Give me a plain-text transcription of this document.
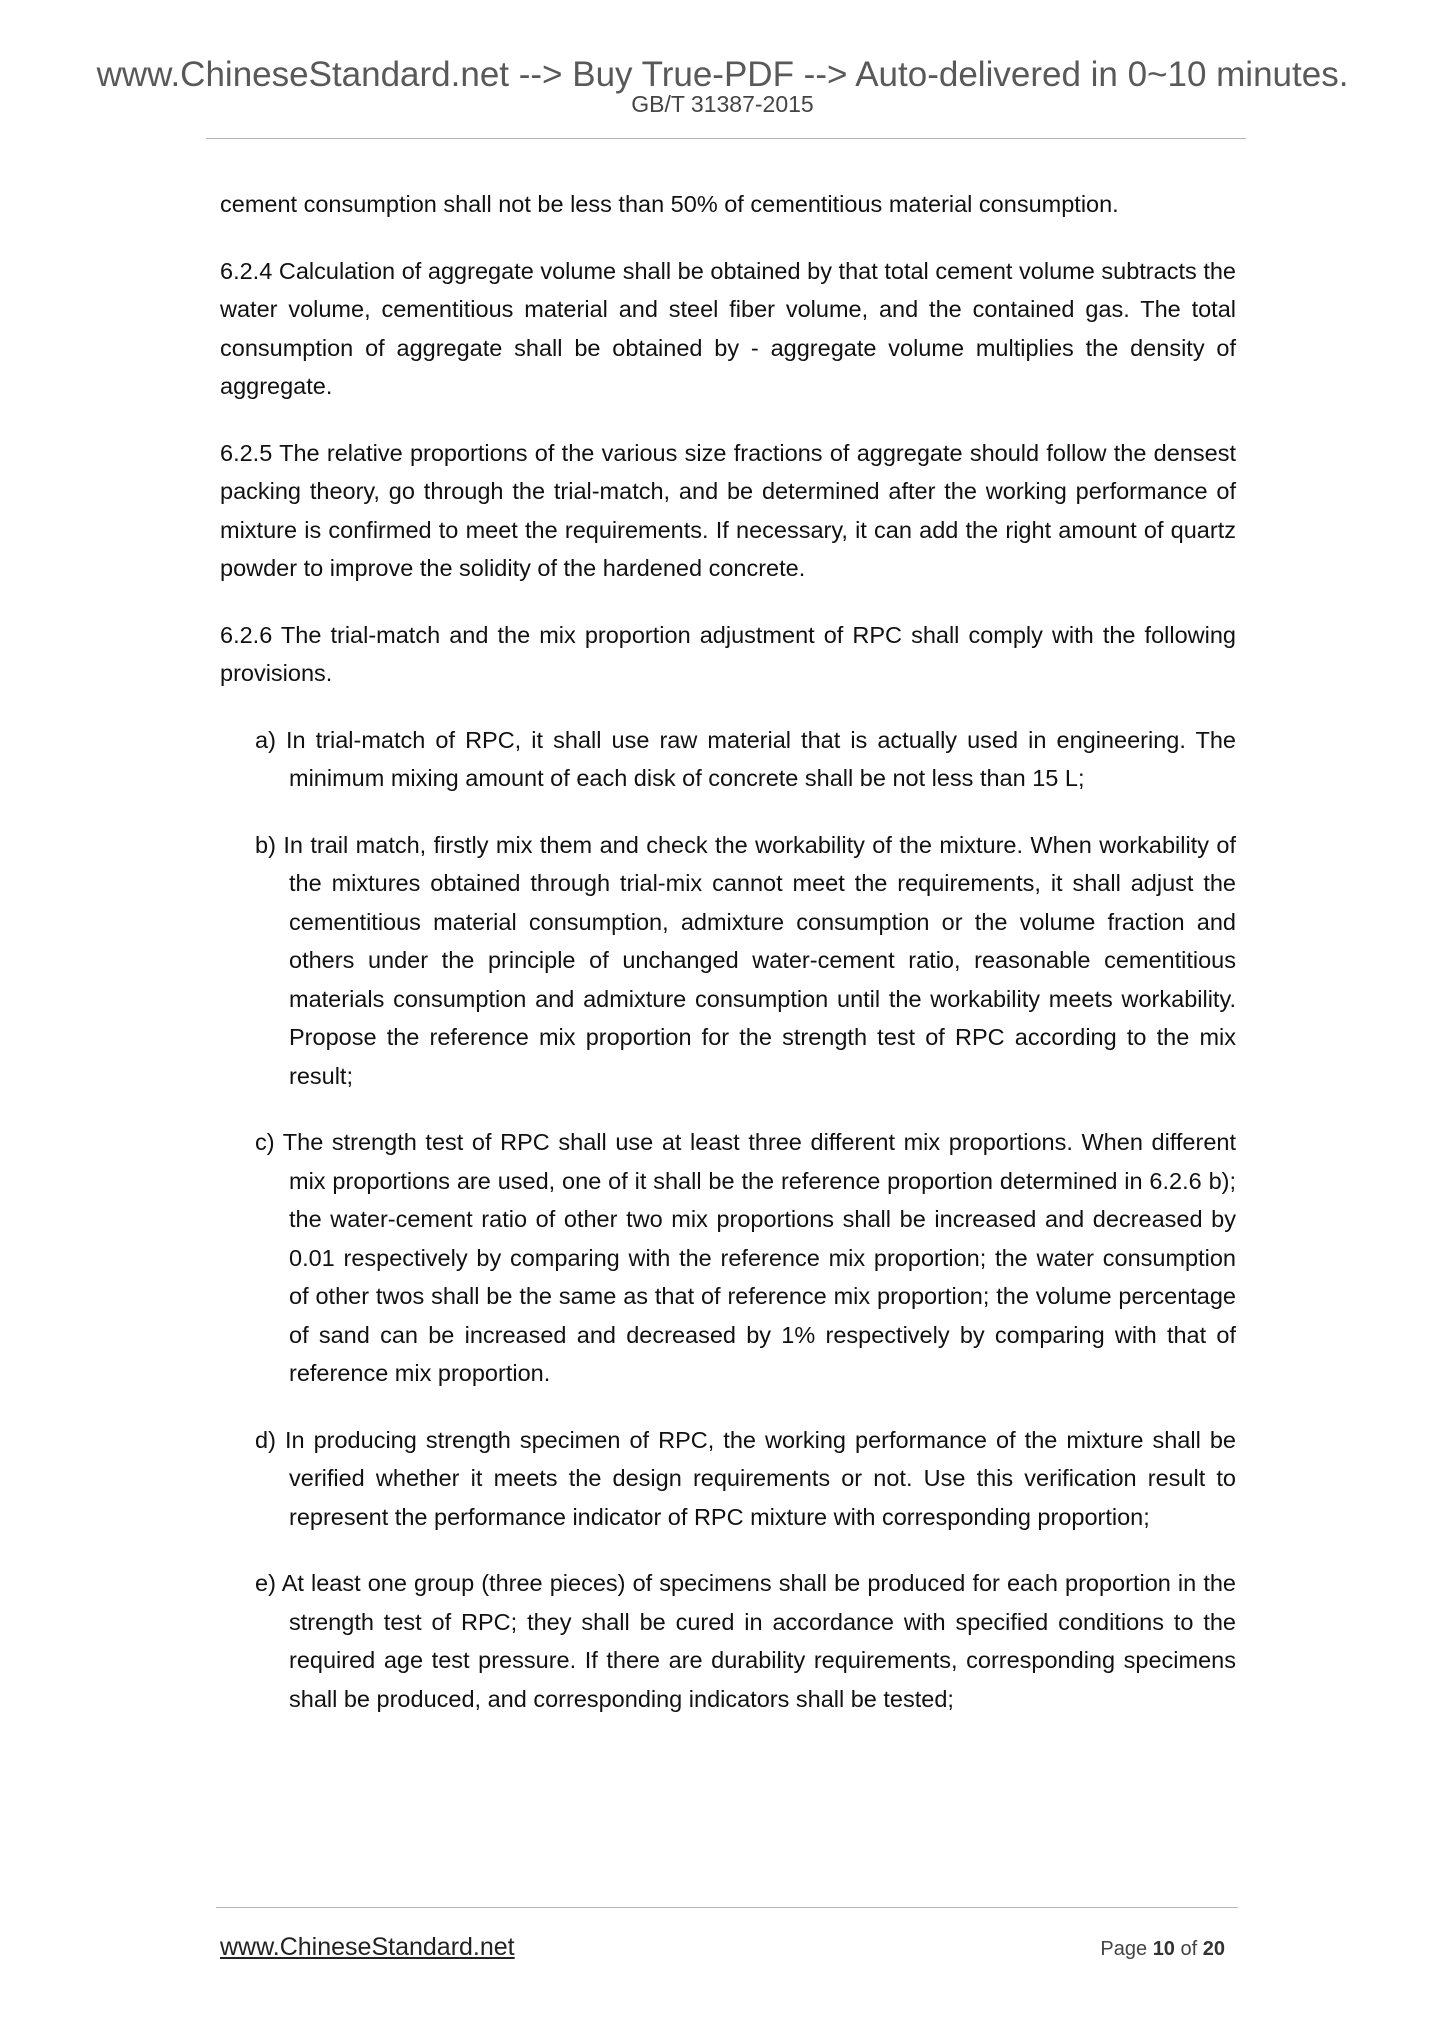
www.ChineseStandard.net --> Buy True-PDF --> Auto-delivered in 0~10 minutes.
GB/T 31387-2015

cement consumption shall not be less than 50% of cementitious material consumption.

6.2.4 Calculation of aggregate volume shall be obtained by that total cement volume subtracts the water volume, cementitious material and steel fiber volume, and the contained gas. The total consumption of aggregate shall be obtained by - aggregate volume multiplies the density of aggregate.

6.2.5 The relative proportions of the various size fractions of aggregate should follow the densest packing theory, go through the trial-match, and be determined after the working performance of mixture is confirmed to meet the requirements. If necessary, it can add the right amount of quartz powder to improve the solidity of the hardened concrete.

6.2.6 The trial-match and the mix proportion adjustment of RPC shall comply with the following provisions.

a) In trial-match of RPC, it shall use raw material that is actually used in engineering. The minimum mixing amount of each disk of concrete shall be not less than 15 L;

b) In trail match, firstly mix them and check the workability of the mixture. When workability of the mixtures obtained through trial-mix cannot meet the requirements, it shall adjust the cementitious material consumption, admixture consumption or the volume fraction and others under the principle of unchanged water-cement ratio, reasonable cementitious materials consumption and admixture consumption until the workability meets workability. Propose the reference mix proportion for the strength test of RPC according to the mix result;

c) The strength test of RPC shall use at least three different mix proportions. When different mix proportions are used, one of it shall be the reference proportion determined in 6.2.6 b); the water-cement ratio of other two mix proportions shall be increased and decreased by 0.01 respectively by comparing with the reference mix proportion; the water consumption of other twos shall be the same as that of reference mix proportion; the volume percentage of sand can be increased and decreased by 1% respectively by comparing with that of reference mix proportion.

d) In producing strength specimen of RPC, the working performance of the mixture shall be verified whether it meets the design requirements or not. Use this verification result to represent the performance indicator of RPC mixture with corresponding proportion;

e) At least one group (three pieces) of specimens shall be produced for each proportion in the strength test of RPC; they shall be cured in accordance with specified conditions to the required age test pressure. If there are durability requirements, corresponding specimens shall be produced, and corresponding indicators shall be tested;

www.ChineseStandard.net	Page 10 of 20
